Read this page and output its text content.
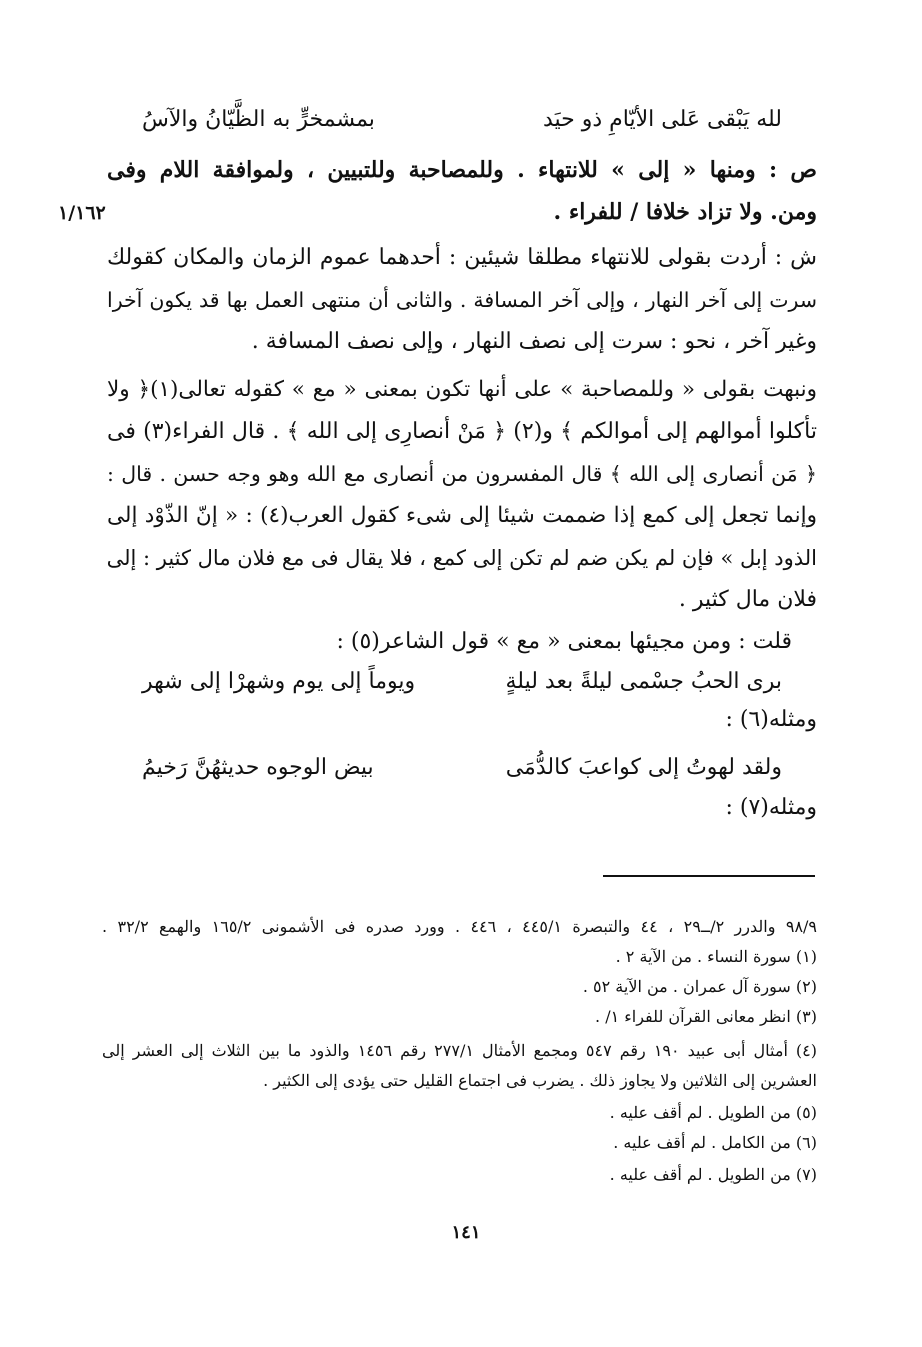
لله يَبْقى عَلى الأيّامِ ذو حيَد
بمشمخرٍّ به الظَّيّانُ والآسُ
ص : ومنها « إلى » للانتهاء . وللمصاحبة وللتبيين ، ولموافقة اللام وفى
ومن. ولا تزاد خلافا / للفراء .
١/١٦٢
ش : أردت بقولى للانتهاء مطلقا شيئين : أحدهما عموم الزمان والمكان كقولك
سرت إلى آخر النهار ، وإلى آخر المسافة . والثانى أن منتهى العمل بها قد يكون آخرا
وغير آخر ، نحو : سرت إلى نصف النهار ، وإلى نصف المسافة .
ونبهت بقولى « وللمصاحبة » على أنها تكون بمعنى « مع » كقوله تعالى(١)﴿ ولا
تأكلوا أموالهم إلى أموالكم ﴾ و(٢) ﴿ مَنْ أنصارِى إلى الله ﴾ . قال الفراء(٣) فى
﴿ مَن أنصارى إلى الله ﴾ قال المفسرون من أنصارى مع الله وهو وجه حسن . قال :
وإنما تجعل إلى كمع إذا ضممت شيئا إلى شىء كقول العرب(٤) : « إنّ الذّوْد إلى
الذود إبل » فإن لم يكن ضم لم تكن إلى كمع ، فلا يقال فى مع فلان مال كثير : إلى
فلان مال كثير .
قلت : ومن مجيئها بمعنى « مع » قول الشاعر(٥) :
برى الحبُ جسْمى ليلةً بعد ليلةٍ
ويوماً إلى يوم وشهرْا إلى شهر
ومثله(٦) :
ولقد لهوتُ إلى كواعبَ كالدُّمَى
بيض الوجوه حديثهُنَّ رَخيمُ
ومثله(٧) :
٩٨/٩ والدرر ٢/ــ٢٩ ، ٤٤ والتبصرة ٤٤٥/١ ، ٤٤٦ . وورد صدره فى الأشمونى ١٦٥/٢ والهمع ٣٢/٢ .
(١) سورة النساء . من الآية ٢ .
(٢) سورة آل عمران . من الآية ٥٢ .
(٣) انظر معانى القرآن للفراء ١/ .
(٤) أمثال أبى عبيد ١٩٠ رقم ٥٤٧ ومجمع الأمثال ٢٧٧/١ رقم ١٤٥٦ والذود ما بين الثلاث إلى العشر إلى
العشرين إلى الثلاثين ولا يجاوز ذلك . يضرب فى اجتماع القليل حتى يؤدى إلى الكثير .
(٥) من الطويل . لم أقف عليه .
(٦) من الكامل . لم أقف عليه .
(٧) من الطويل . لم أقف عليه .
١٤١
